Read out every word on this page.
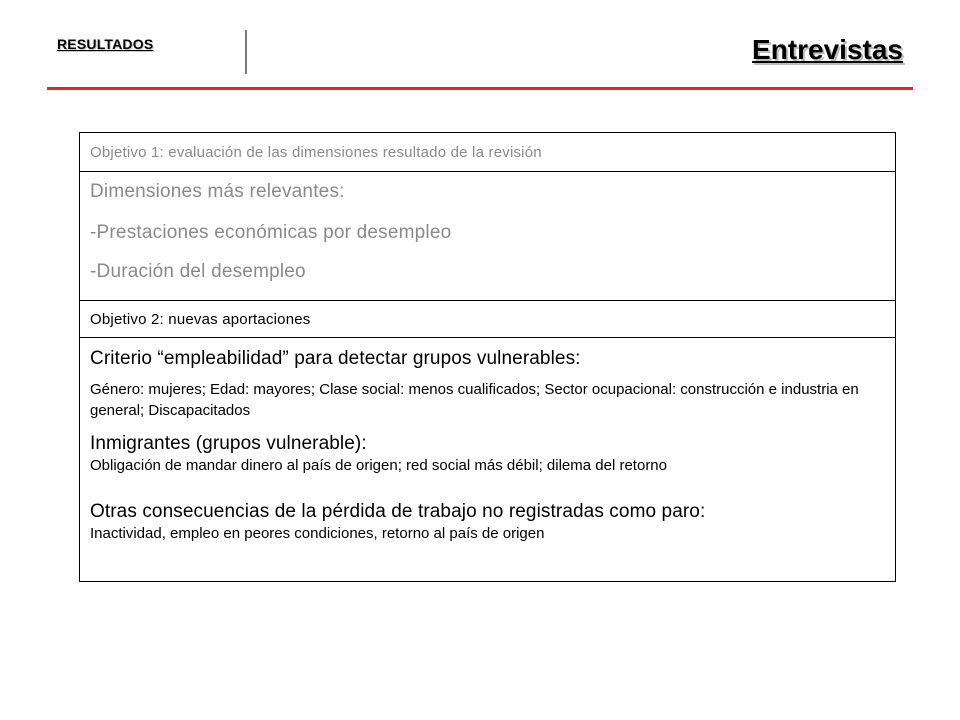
RESULTADOS	Entrevistas
Objetivo 1: evaluación de las dimensiones resultado de la revisión
Dimensiones más relevantes:
-Prestaciones económicas por desempleo
-Duración del desempleo
Objetivo 2: nuevas aportaciones
Criterio “empleabilidad” para detectar grupos vulnerables:
Género: mujeres; Edad: mayores; Clase social: menos cualificados; Sector ocupacional: construcción e industria en general; Discapacitados
Inmigrantes (grupos vulnerable):
Obligación de mandar dinero al país de origen; red social más débil; dilema del retorno
Otras consecuencias de la pérdida de trabajo no registradas como paro:
Inactividad, empleo en peores condiciones, retorno al país de origen
